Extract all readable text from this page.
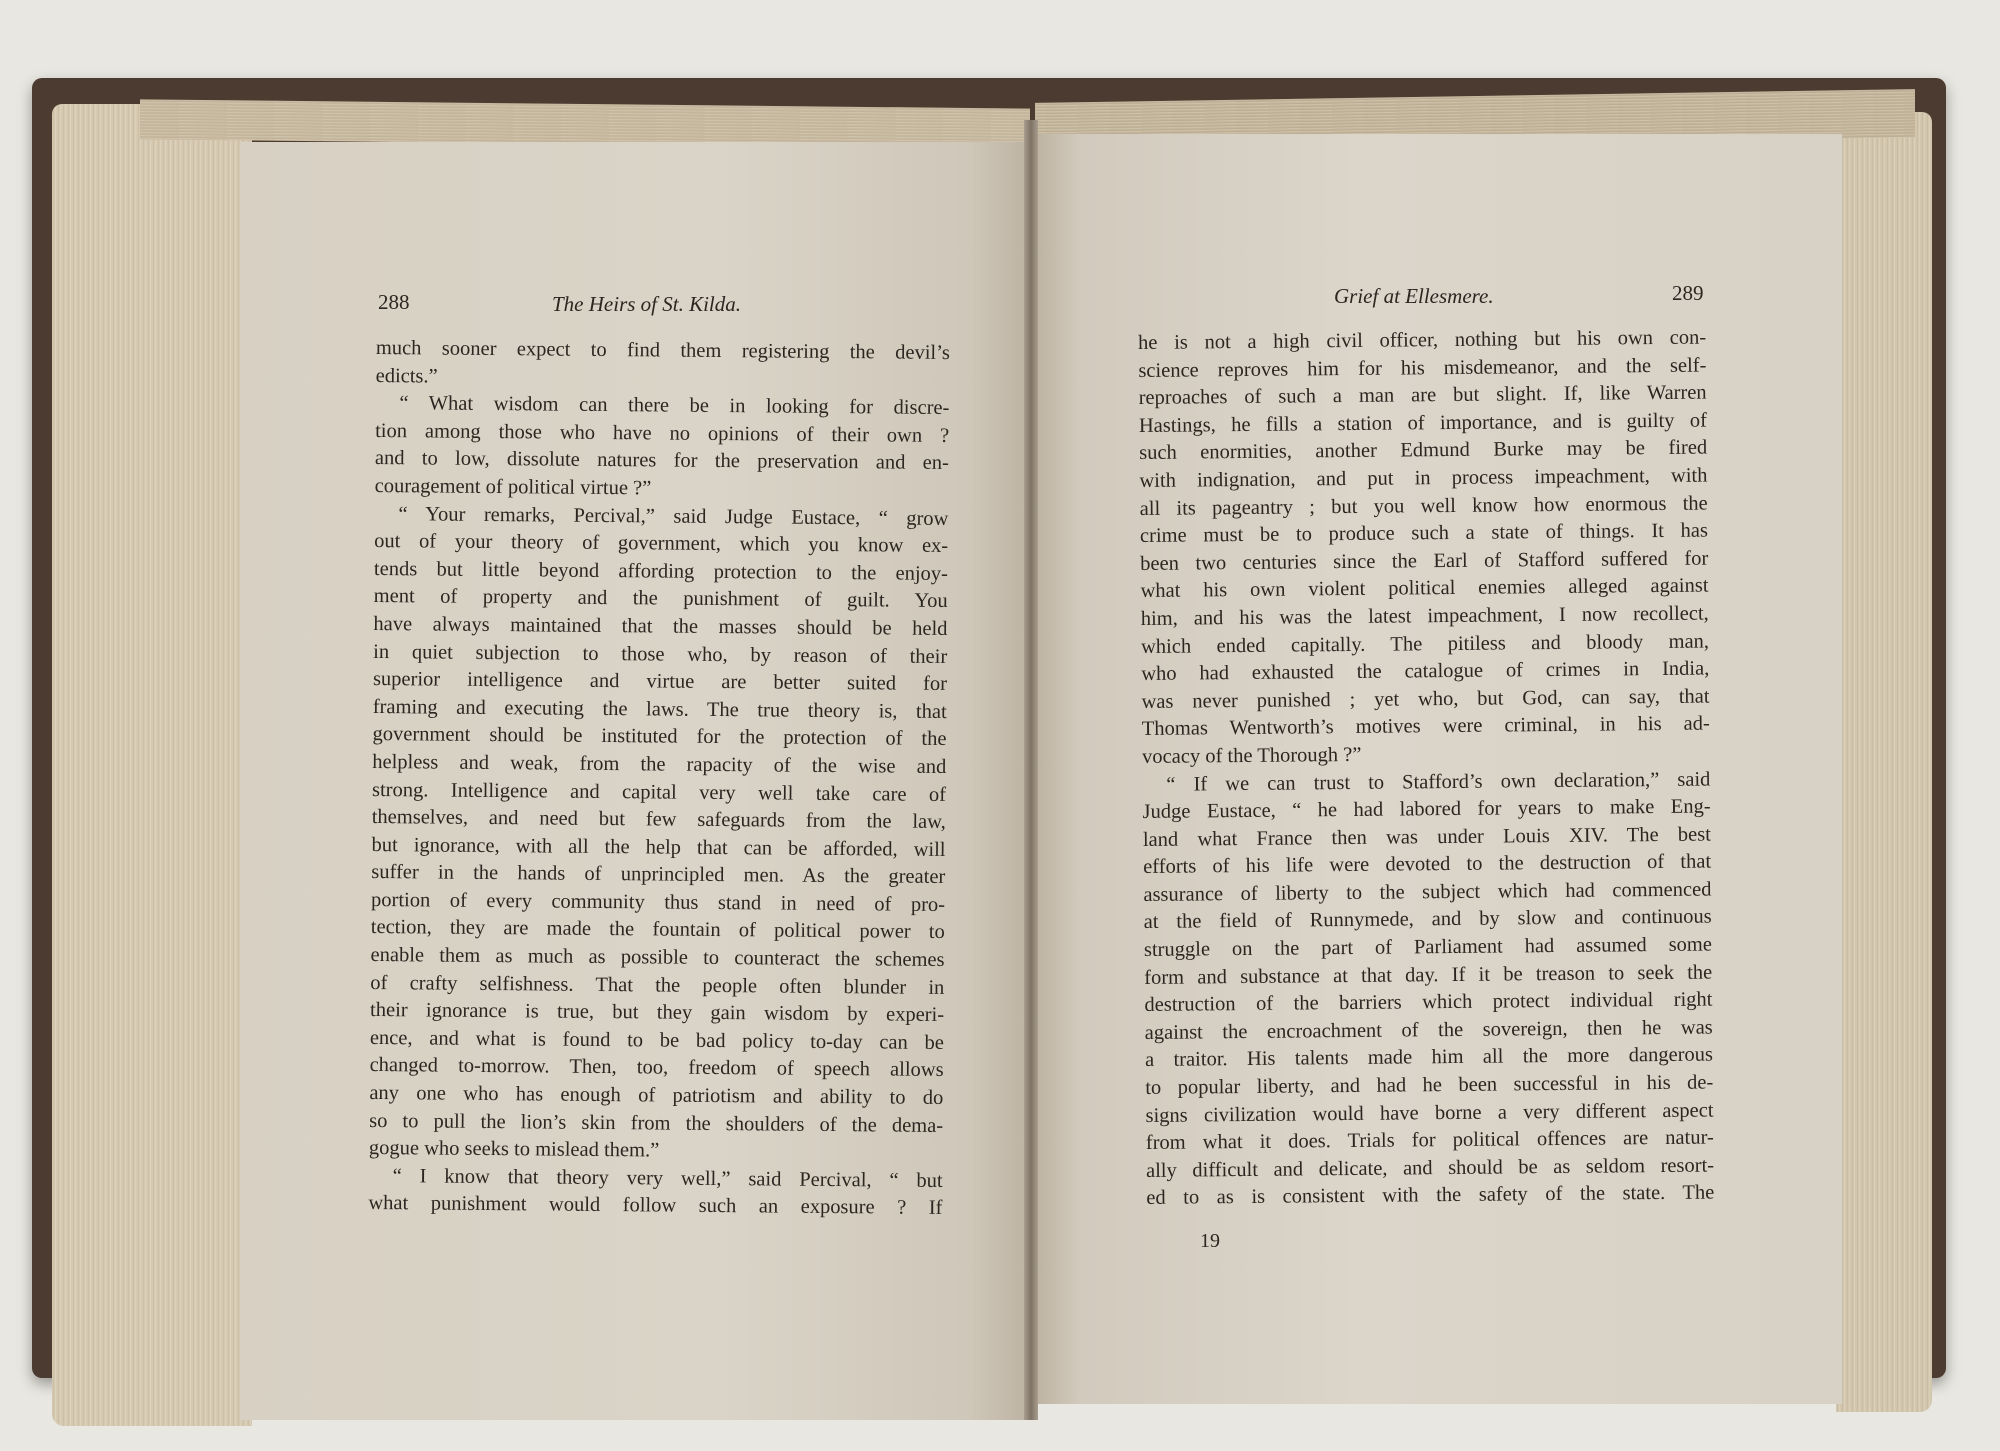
288	The Heirs of St. Kilda.	Grief at Ellesmere.	289
much sooner expect to find them registering the devil’s
edicts.”
“ What wisdom can there be in looking for discre-
tion among those who have no opinions of their own ?
and to low, dissolute natures for the preservation and en-
couragement of political virtue ?”
“ Your remarks, Percival,” said Judge Eustace, “ grow
out of your theory of government, which you know ex-
tends but little beyond affording protection to the enjoy-
ment of property and the punishment of guilt. You
have always maintained that the masses should be held
in quiet subjection to those who, by reason of their
superior intelligence and virtue are better suited for
framing and executing the laws. The true theory is, that
government should be instituted for the protection of the
helpless and weak, from the rapacity of the wise and
strong. Intelligence and capital very well take care of
themselves, and need but few safeguards from the law,
but ignorance, with all the help that can be afforded, will
suffer in the hands of unprincipled men. As the greater
portion of every community thus stand in need of pro-
tection, they are made the fountain of political power to
enable them as much as possible to counteract the schemes
of crafty selfishness. That the people often blunder in
their ignorance is true, but they gain wisdom by experi-
ence, and what is found to be bad policy to-day can be
changed to-morrow. Then, too, freedom of speech allows
any one who has enough of patriotism and ability to do
so to pull the lion’s skin from the shoulders of the dema-
gogue who seeks to mislead them.”
“ I know that theory very well,” said Percival, “ but
what punishment would follow such an exposure ? If
he is not a high civil officer, nothing but his own con-
science reproves him for his misdemeanor, and the self-
reproaches of such a man are but slight. If, like Warren
Hastings, he fills a station of importance, and is guilty of
such enormities, another Edmund Burke may be fired
with indignation, and put in process impeachment, with
all its pageantry ; but you well know how enormous the
crime must be to produce such a state of things. It has
been two centuries since the Earl of Stafford suffered for
what his own violent political enemies alleged against
him, and his was the latest impeachment, I now recollect,
which ended capitally. The pitiless and bloody man,
who had exhausted the catalogue of crimes in India,
was never punished ; yet who, but God, can say, that
Thomas Wentworth’s motives were criminal, in his ad-
vocacy of the Thorough ?”
“ If we can trust to Stafford’s own declaration,” said
Judge Eustace, “ he had labored for years to make Eng-
land what France then was under Louis XIV. The best
efforts of his life were devoted to the destruction of that
assurance of liberty to the subject which had commenced
at the field of Runnymede, and by slow and continuous
struggle on the part of Parliament had assumed some
form and substance at that day. If it be treason to seek the
destruction of the barriers which protect individual right
against the encroachment of the sovereign, then he was
a traitor. His talents made him all the more dangerous
to popular liberty, and had he been successful in his de-
signs civilization would have borne a very different aspect
from what it does. Trials for political offences are natur-
ally difficult and delicate, and should be as seldom resort-
ed to as is consistent with the safety of the state. The
19
